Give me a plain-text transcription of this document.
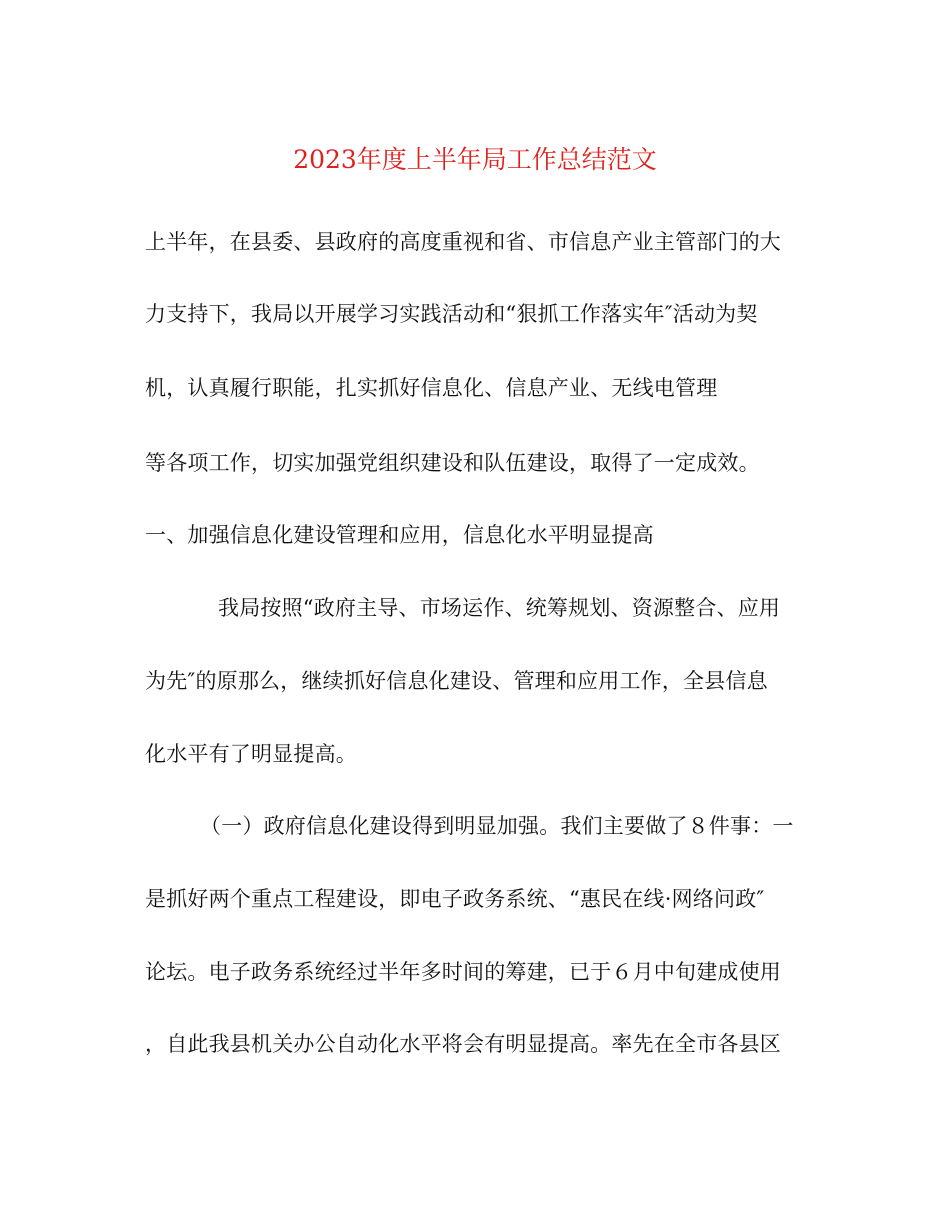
2023年度上半年局工作总结范文
上半年，在县委、县政府的高度重视和省、市信息产业主管部门的大
力支持下，我局以开展学习实践活动和“狠抓工作落实年″活动为契
机，认真履行职能，扎实抓好信息化、信息产业、无线电管理
等各项工作，切实加强党组织建设和队伍建设，取得了一定成效。
一、加强信息化建设管理和应用，信息化水平明显提高
我局按照“政府主导、市场运作、统筹规划、资源整合、应用
为先″的原那么，继续抓好信息化建设、管理和应用工作，全县信息
化水平有了明显提高。
（一）政府信息化建设得到明显加强。我们主要做了８件事：一
是抓好两个重点工程建设，即电子政务系统、“惠民在线·网络问政″
论坛。电子政务系统经过半年多时间的筹建，已于６月中旬建成使用
，自此我县机关办公自动化水平将会有明显提高。率先在全市各县区
